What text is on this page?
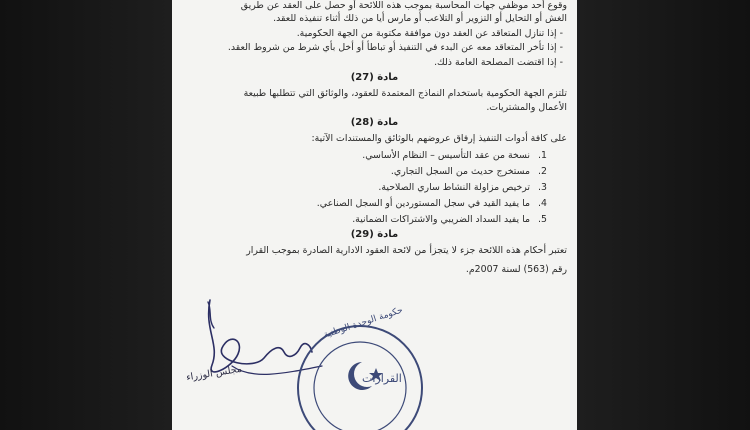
وقوع أحد موظفي جهات المحاسبة بموجب هذه اللائحة أو حصل على العقد عن طريق
الغش أو التحايل أو التزوير أو التلاعب أو مارس أيا من ذلك أثناء تنفيذه للعقد.
- إذا تنازل المتعاقد عن العقد دون موافقة مكتوبة من الجهة الحكومية.
- إذا تأخر المتعاقد معه عن البدء في التنفيذ أو تباطأ أو أخل بأي شرط من شروط العقد.
- إذا اقتضت المصلحة العامة ذلك.
مادة (27)
تلتزم الجهة الحكومية باستخدام النماذج المعتمدة للعقود، والوثائق التي تتطلبها طبيعة
الأعمال والمشتريات.
مادة (28)
على كافة أدوات التنفيذ إرفاق عروضهم بالوثائق والمستندات الآتية:
1. نسخة من عقد التأسيس – النظام الأساسي.
2. مستخرج حديث من السجل التجاري.
3. ترخيص مزاولة النشاط ساري الصلاحية.
4. ما يفيد القيد في سجل المستوردين أو السجل الصناعي.
5. ما يفيد السداد الضريبي والاشتراكات الضمانية.
مادة (29)
تعتبر أحكام هذه اللائحة جزء لا يتجزأ من لائحة العقود الادارية الصادرة بموجب القرار
رقم (563) لسنة 2007م.
مجلس الوزراء	القرارات
حكومة الوحدة الوطنية
